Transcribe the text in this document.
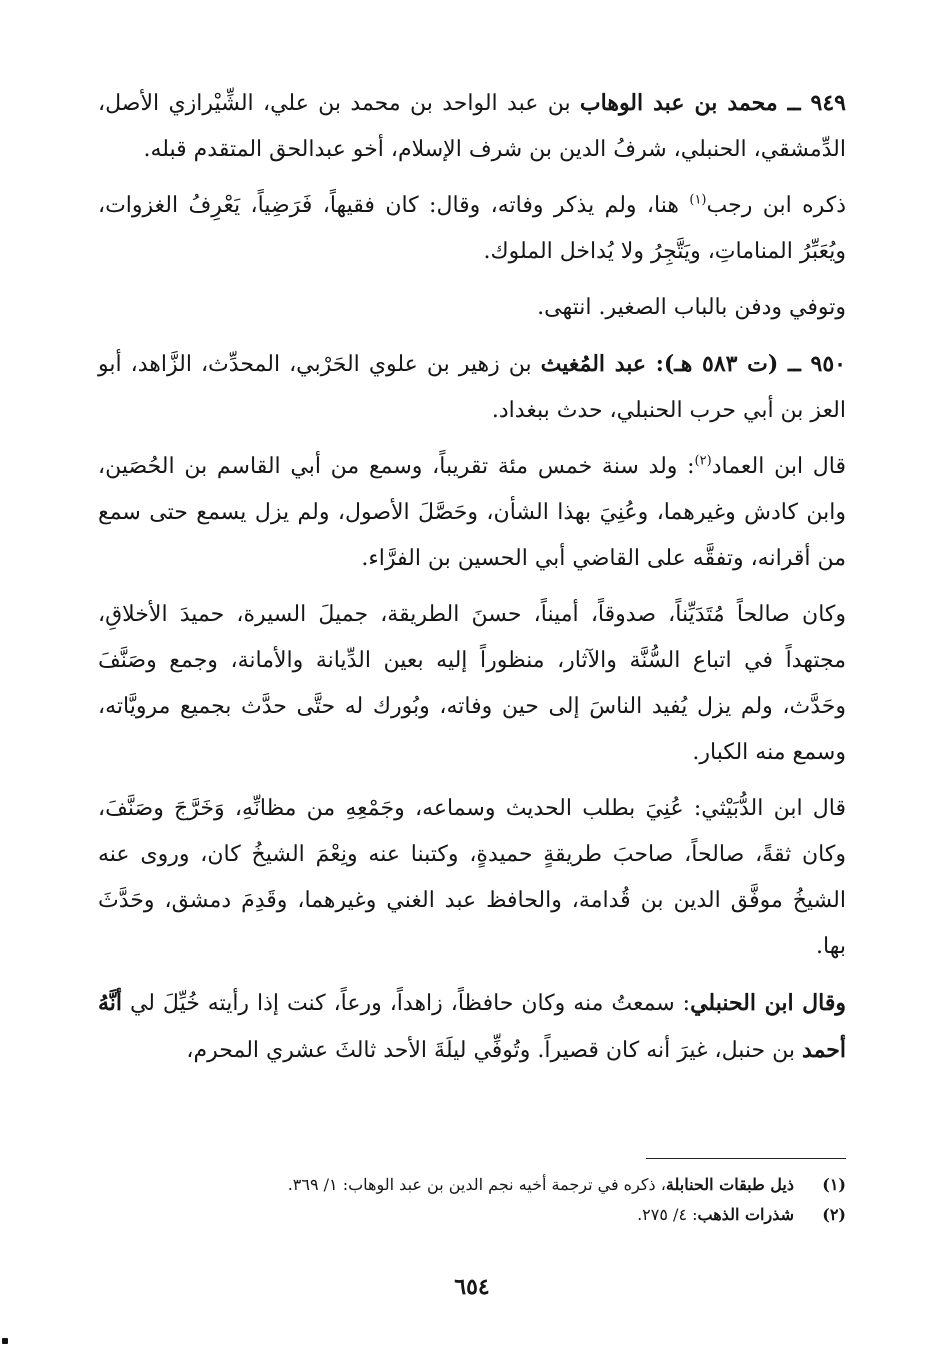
٩٤٩ ــ محمد بن عبد الوهاب بن عبد الواحد بن محمد بن علي، الشِّيْرازي الأصل، الدِّمشقي، الحنبلي، شرفُ الدين بن شرف الإسلام، أخو عبدالحق المتقدم قبله.

ذكره ابن رجب$^{(١)}$ هنا، ولم يذكر وفاته، وقال: كان فقيهاً، فَرَضِياً، يَعْرِفُ الغزوات، ويُعَبِّرُ المناماتِ، ويَتَّجِرُ ولا يُداخل الملوك.

وتوفي ودفن بالباب الصغير. انتهى.

٩٥٠ ــ (ت ٥٨٣ هـ): عبد المُغيث بن زهير بن علوي الحَرْبي، المحدِّث، الزَّاهد، أبو العز بن أبي حرب الحنبلي، حدث ببغداد.

قال ابن العماد$^{(٢)}$: ولد سنة خمس مئة تقريباً، وسمع من أبي القاسم بن الحُصَين، وابن كادش وغيرهما، وعُنِيَ بهذا الشأن، وحَصَّلَ الأصول، ولم يزل يسمع حتى سمع من أقرانه، وتفقَّه على القاضي أبي الحسين بن الفرَّاء.

وكان صالحاً مُتَدَيِّناً، صدوقاً، أميناً، حسنَ الطريقة، جميلَ السيرة، حميدَ الأخلاقِ، مجتهداً في اتباع السُّنَّة والآثار، منظوراً إليه بعين الدِّيانة والأمانة، وجمع وصَنَّفَ وحَدَّث، ولم يزل يُفيد الناسَ إلى حين وفاته، وبُورك له حتَّى حدَّث بجميع مرويَّاته، وسمع منه الكبار.

قال ابن الدُّبَيْثي: عُنِيَ بطلب الحديث وسماعه، وجَمْعِهِ من مظانِّهِ، وَخَرَّجَ وصَنَّفَ، وكان ثقةً، صالحاً، صاحبَ طريقةٍ حميدةٍ، وكتبنا عنه ونِعْمَ الشيخُ كان، وروى عنه الشيخُ موفَّق الدين بن قُدامة، والحافظ عبد الغني وغيرهما، وقَدِمَ دمشق، وحَدَّثَ بها.

وقال ابن الحنبلي: سمعتُ منه وكان حافظاً، زاهداً، ورعاً، كنت إذا رأيته خُيِّلَ لي أنَّهُ أحمد بن حنبل، غيرَ أنه كان قصيراً. وتُوفِّي ليلَةَ الأحد ثالثَ عشري المحرم،

(١)
ذيل طبقات الحنابلة، ذكره في ترجمة أخيه نجم الدين بن عبد الوهاب: ١/ ٣٦٩.
(٢)
شذرات الذهب: ٤/ ٢٧٥.
٦٥٤
